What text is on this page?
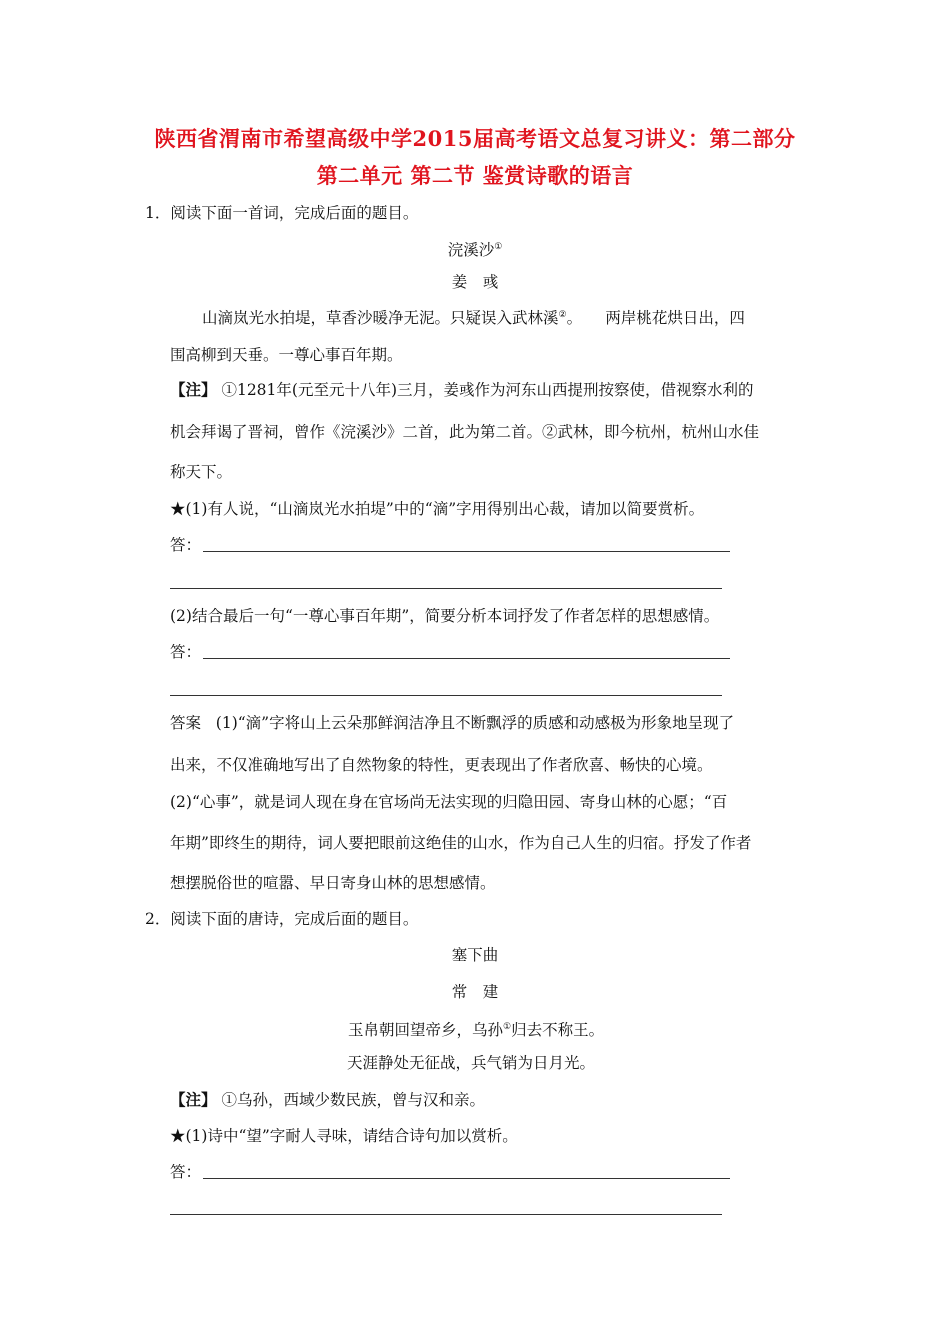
陕西省渭南市希望高级中学2015届高考语文总复习讲义：第二部分
第二单元 第二节 鉴赏诗歌的语言
1．阅读下面一首词，完成后面的题目。
浣溪沙①
姜　彧
山滴岚光水拍堤，草香沙暖净无泥。只疑误入武林溪②。　　两岸桃花烘日出，四
围高柳到天垂。一尊心事百年期。
【注】 ①1281年(元至元十八年)三月，姜彧作为河东山西提刑按察使，借视察水利的
机会拜谒了晋祠，曾作《浣溪沙》二首，此为第二首。②武林，即今杭州，杭州山水佳
称天下。
★(1)有人说，“山滴岚光水拍堤”中的“滴”字用得别出心裁，请加以简要赏析。
答：
(2)结合最后一句“一尊心事百年期”，简要分析本词抒发了作者怎样的思想感情。
答：
答案 (1)“滴”字将山上云朵那鲜润洁净且不断飘浮的质感和动感极为形象地呈现了
出来，不仅准确地写出了自然物象的特性，更表现出了作者欣喜、畅快的心境。
(2)“心事”，就是词人现在身在官场尚无法实现的归隐田园、寄身山林的心愿；“百
年期”即终生的期待，词人要把眼前这绝佳的山水，作为自己人生的归宿。抒发了作者
想摆脱俗世的喧嚣、早日寄身山林的思想感情。
2．阅读下面的唐诗，完成后面的题目。
塞下曲
常　建
玉帛朝回望帝乡，乌孙①归去不称王。
天涯静处无征战，兵气销为日月光。
【注】 ①乌孙，西域少数民族，曾与汉和亲。
★(1)诗中“望”字耐人寻味，请结合诗句加以赏析。
答：
